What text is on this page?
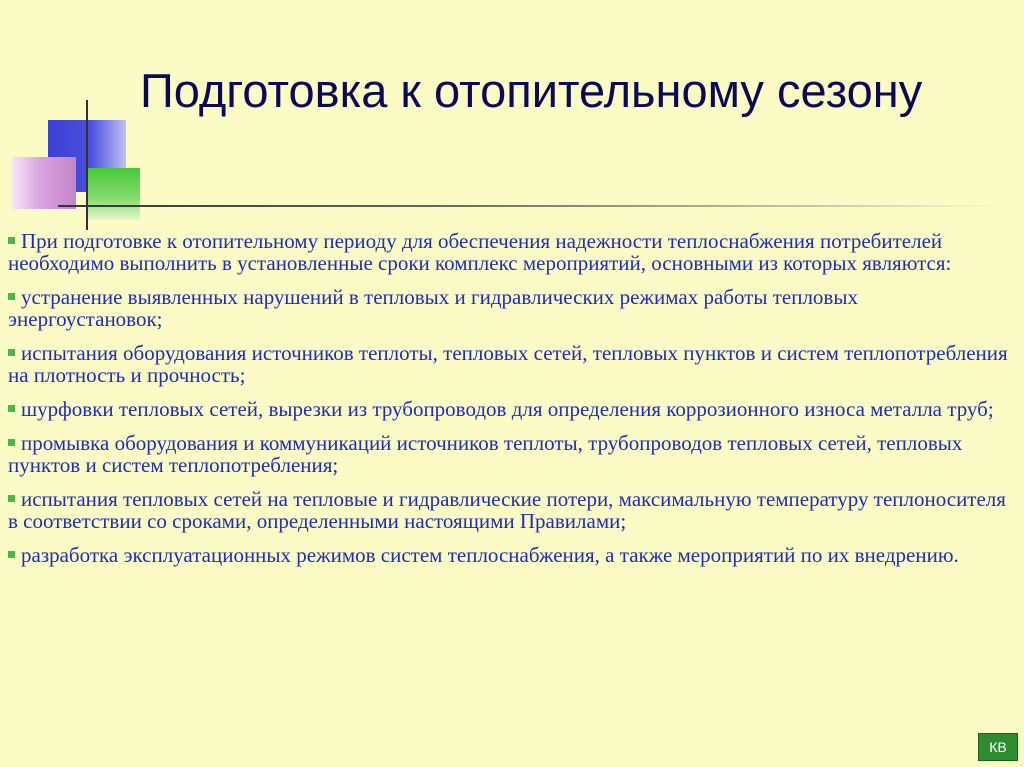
Подготовка к отопительному сезону

При подготовке к отопительному периоду для обеспечения надежности теплоснабжения потребителей необходимо выполнить в установленные сроки комплекс мероприятий, основными из которых являются:

устранение выявленных нарушений в тепловых и гидравлических режимах работы тепловых энергоустановок;

испытания оборудования источников теплоты, тепловых сетей, тепловых пунктов и систем теплопотребления на плотность и прочность;

шурфовки тепловых сетей, вырезки из трубопроводов для определения коррозионного износа металла труб;

промывка оборудования и коммуникаций источников теплоты, трубопроводов тепловых сетей, тепловых пунктов и систем теплопотребления;

испытания тепловых сетей на тепловые и гидравлические потери, максимальную температуру теплоносителя в соответствии со сроками, определенными настоящими Правилами;

разработка эксплуатационных режимов систем теплоснабжения, а также мероприятий по их внедрению.

КВ
